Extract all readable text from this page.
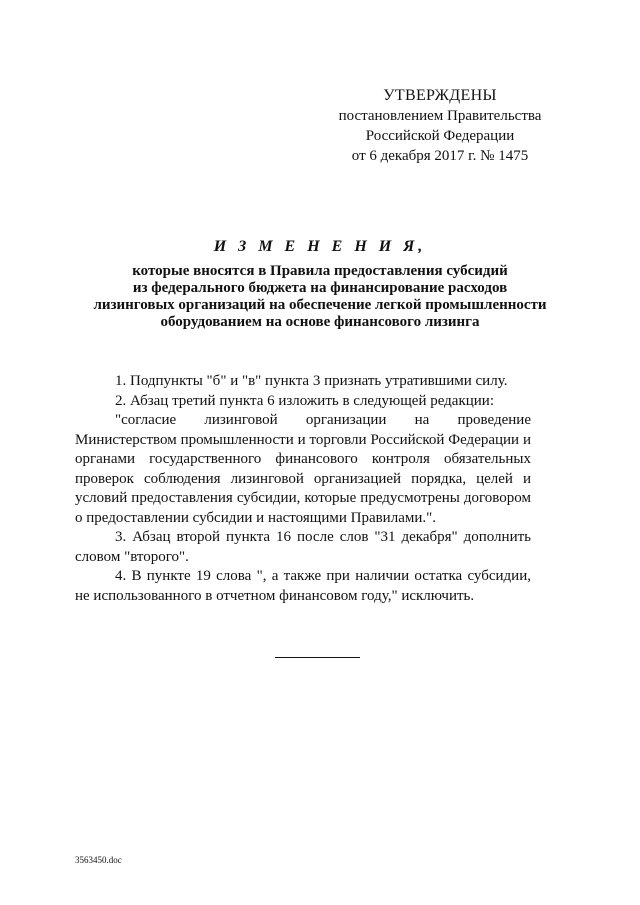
УТВЕРЖДЕНЫ
постановлением Правительства
Российской Федерации
от 6 декабря 2017 г. № 1475
И З М Е Н Е Н И Я,
которые вносятся в Правила предоставления субсидий
из федерального бюджета на финансирование расходов
лизинговых организаций на обеспечение легкой промышленности
оборудованием на основе финансового лизинга

1. Подпункты "б" и "в" пункта 3 признать утратившими силу.

2. Абзац третий пункта 6 изложить в следующей редакции:

"согласие лизинговой организации на проведение Министерством промышленности и торговли Российской Федерации и органами государственного финансового контроля обязательных проверок соблюдения лизинговой организацией порядка, целей и условий предоставления субсидии, которые предусмотрены договором о предоставлении субсидии и настоящими Правилами.".

3. Абзац второй пункта 16 после слов "31 декабря" дополнить словом "второго".

4. В пункте 19 слова ", а также при наличии остатка субсидии, не использованного в отчетном финансовом году," исключить.

3563450.doc
